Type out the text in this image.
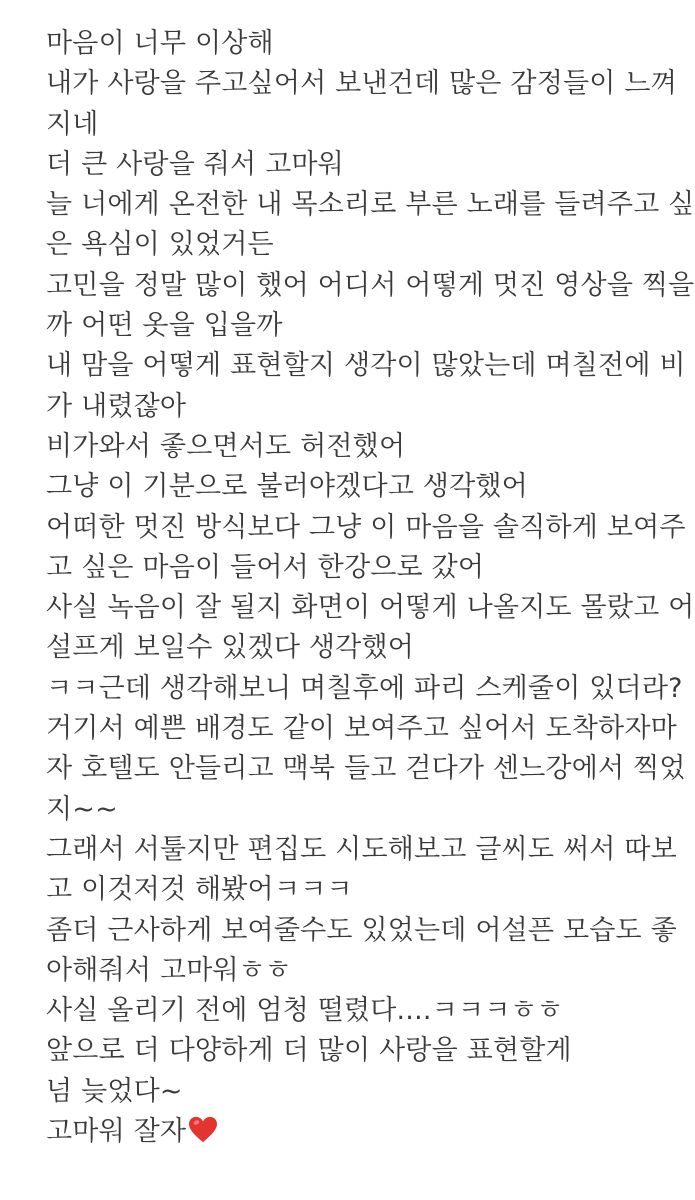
마음이 너무 이상해
내가 사랑을 주고싶어서 보낸건데 많은 감정들이 느껴
지네
더 큰 사랑을 줘서 고마워
늘 너에게 온전한 내 목소리로 부른 노래를 들려주고 싶
은 욕심이 있었거든
고민을 정말 많이 했어 어디서 어떻게 멋진 영상을 찍을
까 어떤 옷을 입을까
내 맘을 어떻게 표현할지 생각이 많았는데 며칠전에 비
가 내렸잖아
비가와서 좋으면서도 허전했어
그냥 이 기분으로 불러야겠다고 생각했어
어떠한 멋진 방식보다 그냥 이 마음을 솔직하게 보여주
고 싶은 마음이 들어서 한강으로 갔어
사실 녹음이 잘 될지 화면이 어떻게 나올지도 몰랐고 어
설프게 보일수 있겠다 생각했어
ㅋㅋ근데 생각해보니 며칠후에 파리 스케줄이 있더라?
거기서 예쁜 배경도 같이 보여주고 싶어서 도착하자마
자 호텔도 안들리고 맥북 들고 걷다가 센느강에서 찍었
지~~
그래서 서툴지만 편집도 시도해보고 글씨도 써서 따보
고 이것저것 해봤어ㅋㅋㅋ
좀더 근사하게 보여줄수도 있었는데 어설픈 모습도 좋
아해줘서 고마워ㅎㅎ
사실 올리기 전에 엄청 떨렸다....ㅋㅋㅋㅎㅎ
앞으로 더 다양하게 더 많이 사랑을 표현할게
넘 늦었다~
고마워 잘자
